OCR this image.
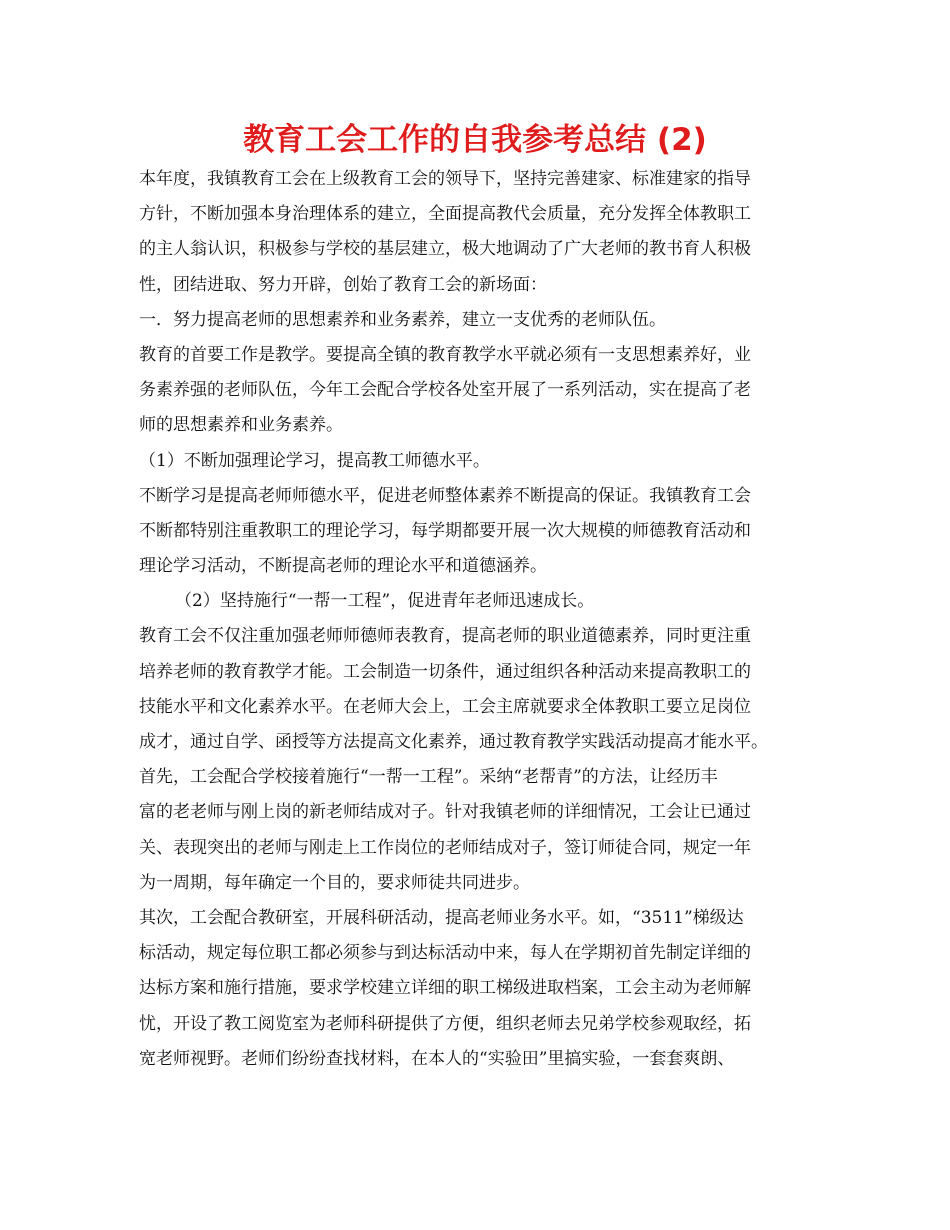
教育工会工作的自我参考总结 (2)
本年度，我镇教育工会在上级教育工会的领导下，坚持完善建家、标准建家的指导
方针，不断加强本身治理体系的建立，全面提高教代会质量，充分发挥全体教职工
的主人翁认识，积极参与学校的基层建立，极大地调动了广大老师的教书育人积极
性，团结进取、努力开辟，创始了教育工会的新场面：
一．努力提高老师的思想素养和业务素养，建立一支优秀的老师队伍。
教育的首要工作是教学。要提高全镇的教育教学水平就必须有一支思想素养好，业
务素养强的老师队伍，今年工会配合学校各处室开展了一系列活动，实在提高了老
师的思想素养和业务素养。
（1）不断加强理论学习，提高教工师德水平。
不断学习是提高老师师德水平，促进老师整体素养不断提高的保证。我镇教育工会
不断都特别注重教职工的理论学习，每学期都要开展一次大规模的师德教育活动和
理论学习活动，不断提高老师的理论水平和道德涵养。
（2）坚持施行“一帮一工程”，促进青年老师迅速成长。
教育工会不仅注重加强老师师德师表教育，提高老师的职业道德素养，同时更注重
培养老师的教育教学才能。工会制造一切条件，通过组织各种活动来提高教职工的
技能水平和文化素养水平。在老师大会上，工会主席就要求全体教职工要立足岗位
成才，通过自学、函授等方法提高文化素养，通过教育教学实践活动提高才能水平。
首先，工会配合学校接着施行“一帮一工程”。采纳“老帮青”的方法，让经历丰
富的老老师与刚上岗的新老师结成对子。针对我镇老师的详细情况，工会让已通过
关、表现突出的老师与刚走上工作岗位的老师结成对子，签订师徒合同，规定一年
为一周期，每年确定一个目的，要求师徒共同进步。
其次，工会配合教研室，开展科研活动，提高老师业务水平。如，“3511”梯级达
标活动，规定每位职工都必须参与到达标活动中来，每人在学期初首先制定详细的
达标方案和施行措施，要求学校建立详细的职工梯级进取档案，工会主动为老师解
忧，开设了教工阅览室为老师科研提供了方便，组织老师去兄弟学校参观取经，拓
宽老师视野。老师们纷纷查找材料，在本人的“实验田”里搞实验，一套套爽朗、
